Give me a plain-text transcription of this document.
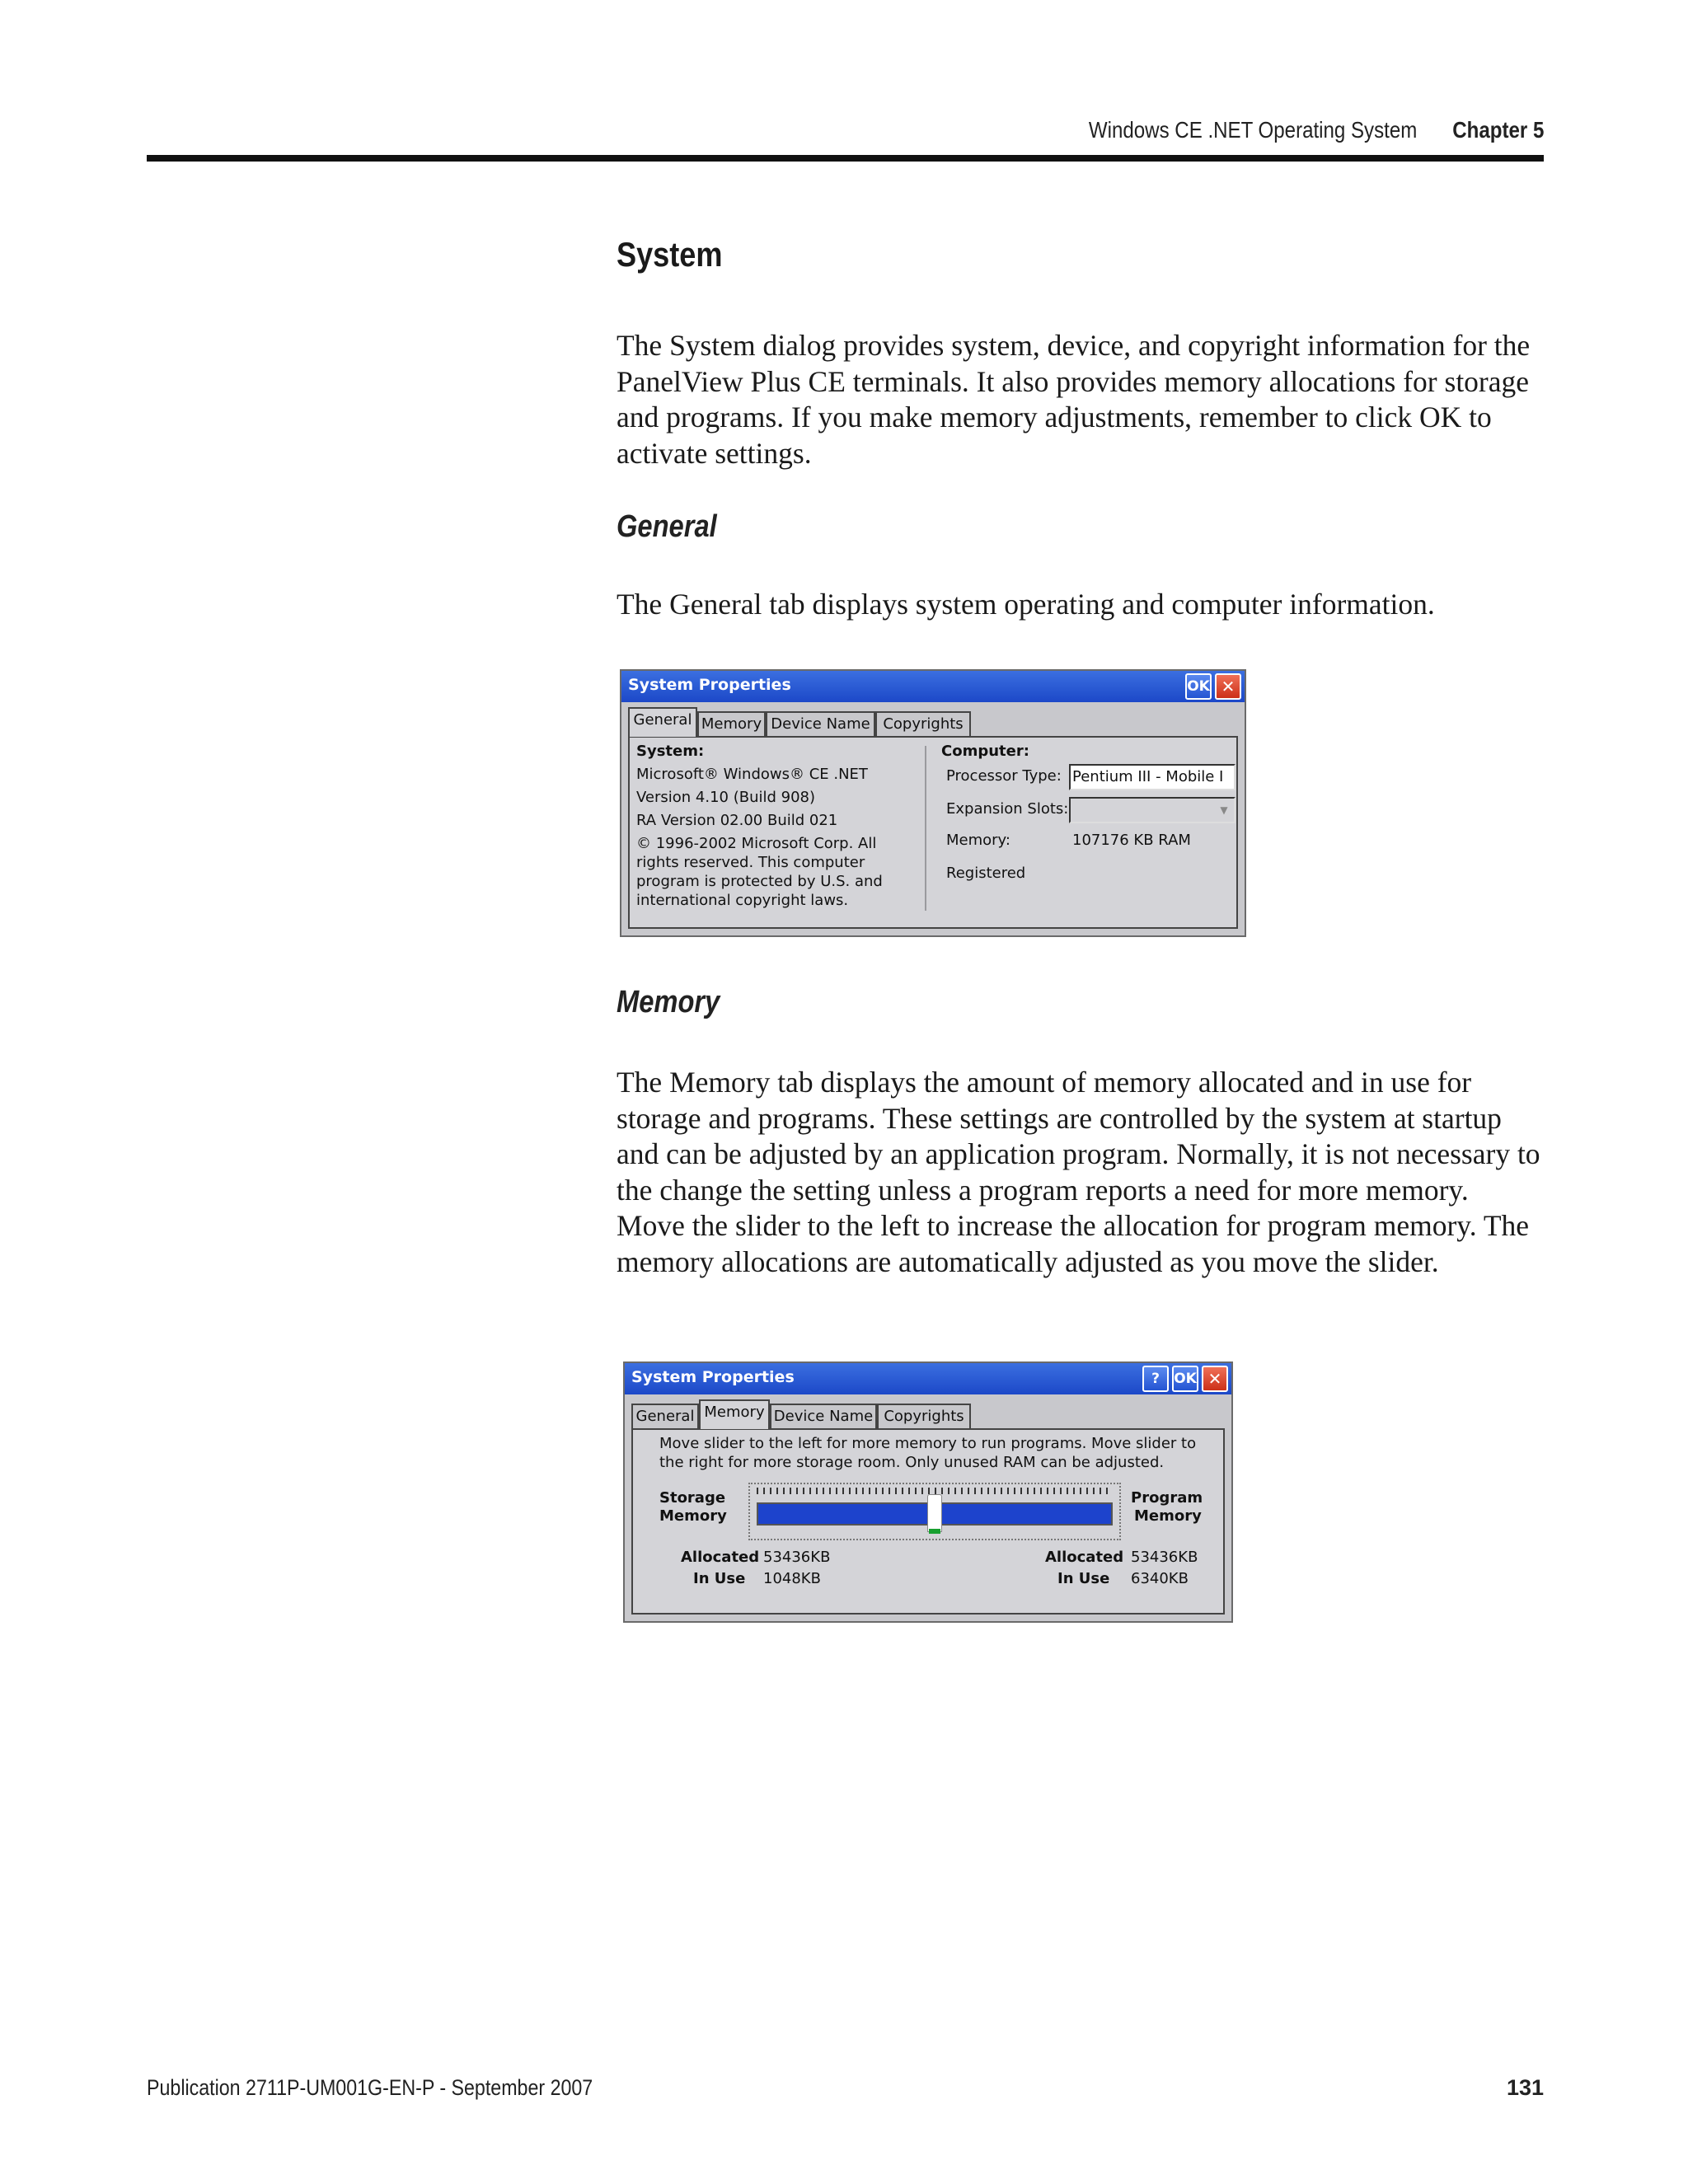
Windows CE .NET Operating System Chapter 5
System

The System dialog provides system, device, and copyright information for the PanelView Plus CE terminals. It also provides memory allocations for storage and programs. If you make memory adjustments, remember to click OK to activate settings.

General

The General tab displays system operating and computer information.

System Properties	OK ✕
General Memory Device Name Copyrights
System:
Microsoft® Windows® CE .NET
Version 4.10 (Build 908)
RA Version 02.00 Build 021
© 1996-2002 Microsoft Corp. All
rights reserved. This computer
program is protected by U.S. and
international copyright laws.
Computer:
Processor Type: Pentium III - Mobile I
Expansion Slots:	▼
Memory:	107176 KB RAM
Registered
Memory

The Memory tab displays the amount of memory allocated and in use for storage and programs. These settings are controlled by the system at startup and can be adjusted by an application program. Normally, it is not necessary to the change the setting unless a program reports a need for more memory. Move the slider to the left to increase the allocation for program memory. The memory allocations are automatically adjusted as you move the slider.

System Properties	?	OK ✕
General Memory Device Name Copyrights
Move slider to the left for more memory to run programs. Move slider to
the right for more storage room. Only unused RAM can be adjusted.
Storage
Memory
Program
Memory
Allocated 53436KB
In Use 1048KB
Allocated 53436KB
In Use 6340KB
Publication 2711P-UM001G-EN-P - September 2007	131
